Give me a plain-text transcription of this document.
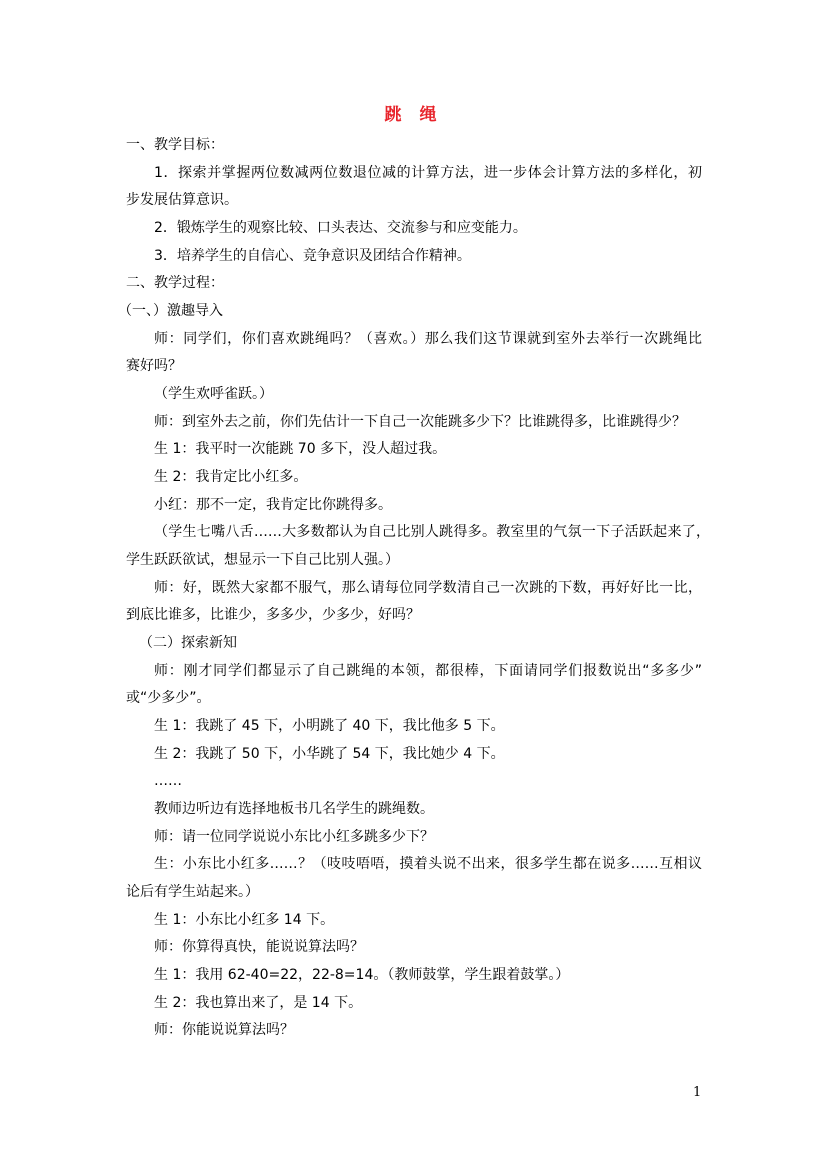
跳 绳
一、教学目标：
1．探索并掌握两位数减两位数退位减的计算方法，进一步体会计算方法的多样化，初
步发展估算意识。
2．锻炼学生的观察比较、口头表达、交流参与和应变能力。
3．培养学生的自信心、竞争意识及团结合作精神。
二、教学过程：
（一、）激趣导入
师：同学们，你们喜欢跳绳吗？（喜欢。）那么我们这节课就到室外去举行一次跳绳比
赛好吗？
（学生欢呼雀跃。）
师：到室外去之前，你们先估计一下自己一次能跳多少下？比谁跳得多，比谁跳得少？
生 1：我平时一次能跳 70 多下，没人超过我。
生 2：我肯定比小红多。
小红：那不一定，我肯定比你跳得多。
（学生七嘴八舌……大多数都认为自己比别人跳得多。教室里的气氛一下子活跃起来了，
学生跃跃欲试，想显示一下自己比别人强。）
师：好，既然大家都不服气，那么请每位同学数清自己一次跳的下数，再好好比一比，
到底比谁多，比谁少，多多少，少多少，好吗？
（二）探索新知
师：刚才同学们都显示了自己跳绳的本领，都很棒，下面请同学们报数说出“多多少”
或“少多少”。
生 1：我跳了 45 下，小明跳了 40 下，我比他多 5 下。
生 2：我跳了 50 下，小华跳了 54 下，我比她少 4 下。
……
教师边听边有选择地板书几名学生的跳绳数。
师：请一位同学说说小东比小红多跳多少下？
生：小东比小红多……？（吱吱唔唔，摸着头说不出来，很多学生都在说多……互相议
论后有学生站起来。）
生 1：小东比小红多 14 下。
师：你算得真快，能说说算法吗？
生 1：我用 62-40=22，22-8=14。（教师鼓掌，学生跟着鼓掌。）
生 2：我也算出来了，是 14 下。
师：你能说说算法吗？
1
